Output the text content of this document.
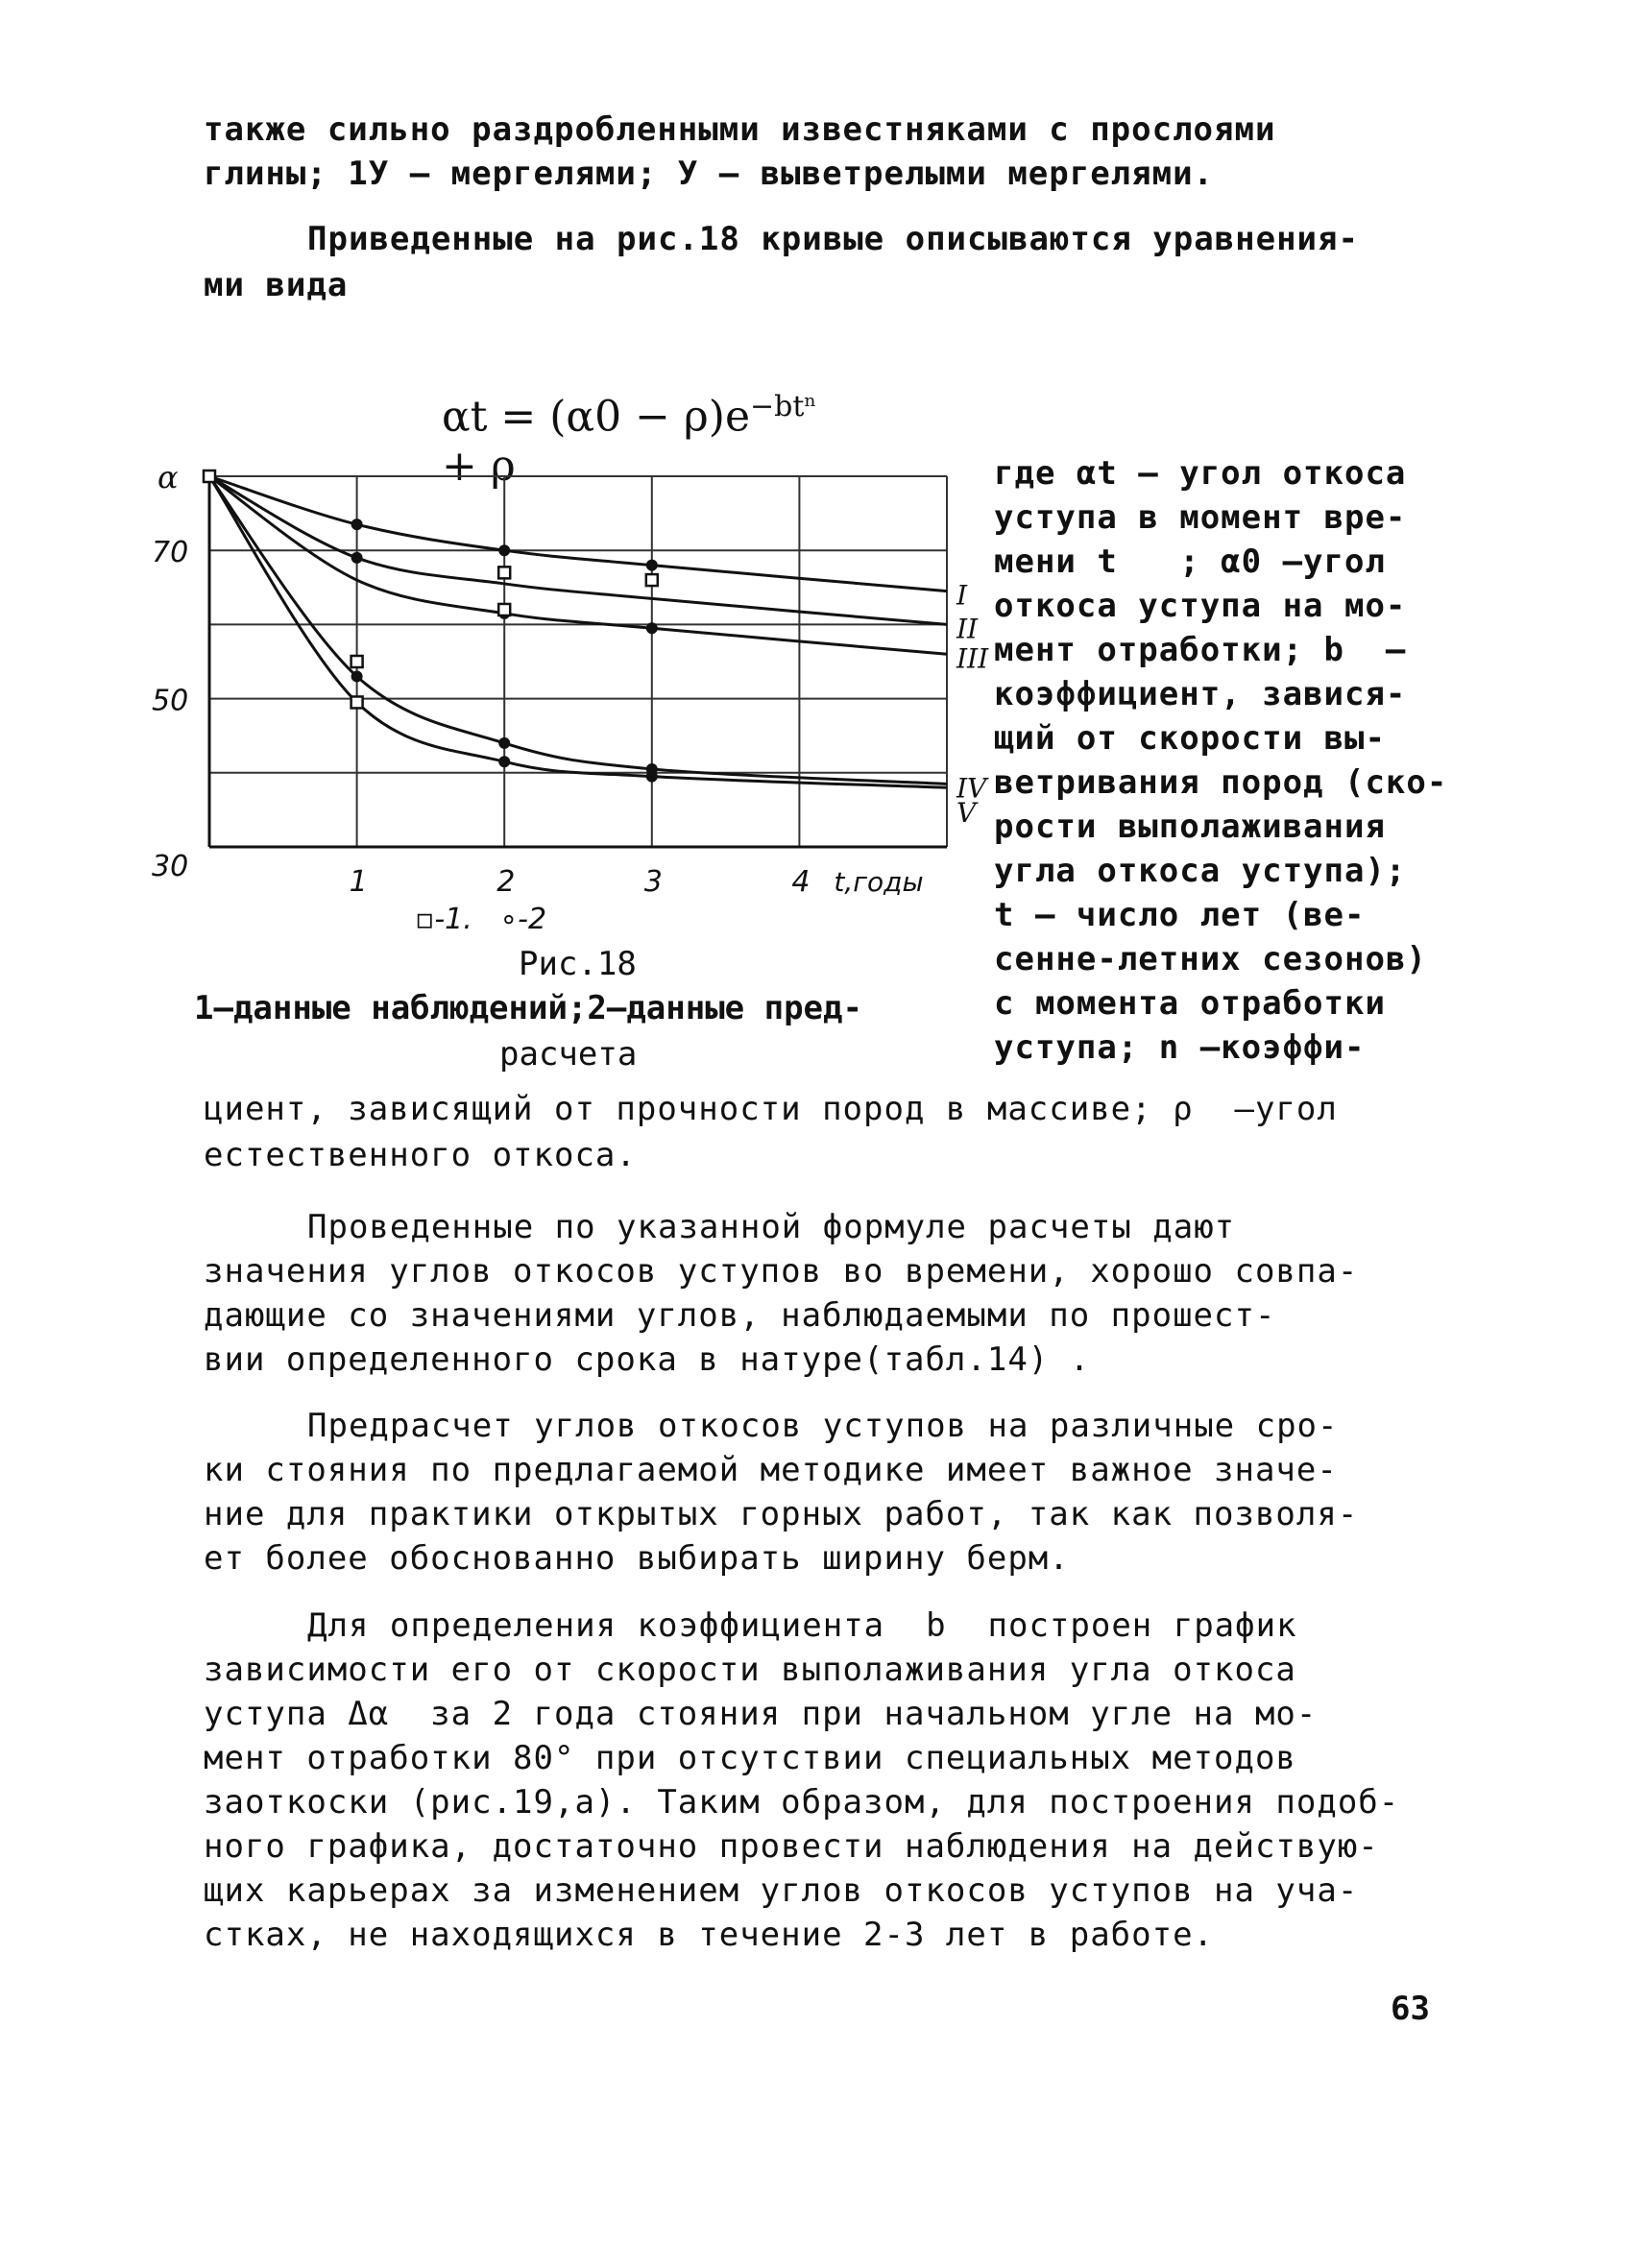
также сильно раздробленными известняками с прослоями
глины; 1У – мергелями; У – выветрелыми мергелями.
Приведенные на рис.18 кривые описываются уравнения-
ми вида

$\alpha t = (\alpha 0 - \rho)e^{-bt^n}$
+ ρ

I
II
III
IV
V
1	2	3	4
30
50
70
t,годы
α
▫-1.   ∘-2
Рис.18
1–данные наблюдений;2–данные пред-
расчета
где αt – угол откоса
уступа в момент вре-
мени t   ; α0 –угол
откоса уступа на мо-
мент отработки; b  –
коэффициент, завися-
щий от скорости вы-
ветривания пород (ско-
рости выполаживания
угла откоса уступа);
t – число лет (ве-
сенне-летних сезонов)
с момента отработки
уступа; n –коэффи-
циент, зависящий от прочности пород в массиве; ρ  –угол
естественного откоса.
Проведенные по указанной формуле расчеты дают
значения углов откосов уступов во времени, хорошо совпа-
дающие со значениями углов, наблюдаемыми по прошест-
вии определенного срока в натуре(табл.14) .
Предрасчет углов откосов уступов на различные сро-
ки стояния по предлагаемой методике имеет важное значе-
ние для практики открытых горных работ, так как позволя-
ет более обоснованно выбирать ширину берм.
Для определения коэффициента  b  построен график
зависимости его от скорости выполаживания угла откоса
уступа Δα  за 2 года стояния при начальном угле на мо-
мент отработки 80° при отсутствии специальных методов
заоткоски (рис.19,а). Таким образом, для построения подоб-
ного графика, достаточно провести наблюдения на действую-
щих карьерах за изменением углов откосов уступов на уча-
стках, не находящихся в течение 2-3 лет в работе.
63
